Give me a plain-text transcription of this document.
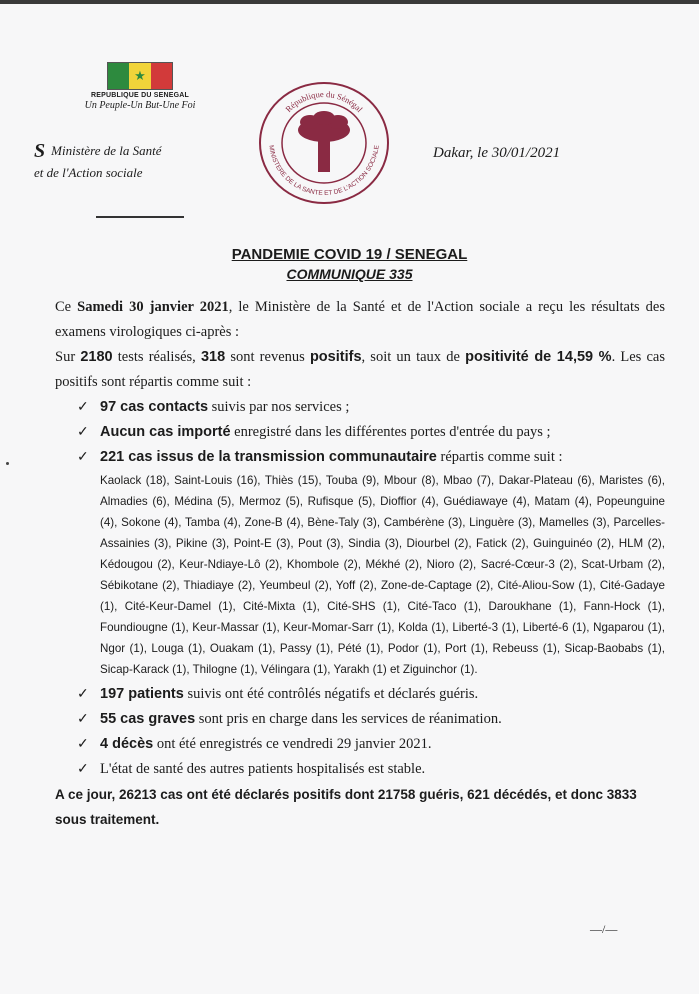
★
REPUBLIQUE DU SENEGAL
Un Peuple-Un But-Une Foi
S Ministère de la Santé
et de l'Action sociale
République du Sénégal
MINISTERE DE LA SANTE ET DE L'ACTION SOCIALE	Dakar, le 30/01/2021
PANDEMIE COVID 19 / SENEGAL
COMMUNIQUE 335

Ce Samedi 30 janvier 2021, le Ministère de la Santé et de l'Action sociale a reçu les résultats des examens virologiques ci-après :

Sur 2180 tests réalisés, 318 sont revenus positifs, soit un taux de positivité de 14,59 %. Les cas positifs sont répartis comme suit :

✓ 97 cas contacts suivis par nos services ;
✓ Aucun cas importé enregistré dans les différentes portes d'entrée du pays ;
✓ 221 cas issus de la transmission communautaire répartis comme suit :
Kaolack (18), Saint-Louis (16), Thiès (15), Touba (9), Mbour (8), Mbao (7), Dakar-Plateau (6), Maristes (6), Almadies (6), Médina (5), Mermoz (5), Rufisque (5), Dioffior (4), Guédiawaye (4), Matam (4), Popeunguine (4), Sokone (4), Tamba (4), Zone-B (4), Bène-Taly (3), Cambérène (3), Linguère (3), Mamelles (3), Parcelles-Assainies (3), Pikine (3), Point-E (3), Pout (3), Sindia (3), Diourbel (2), Fatick (2), Guinguinéo (2), HLM (2), Kédougou (2), Keur-Ndiaye-Lô (2), Khombole (2), Mékhé (2), Nioro (2), Sacré-Cœur-3 (2), Scat-Urbam (2), Sébikotane (2), Thiadiaye (2), Yeumbeul (2), Yoff (2), Zone-de-Captage (2), Cité-Aliou-Sow (1), Cité-Gadaye (1), Cité-Keur-Damel (1), Cité-Mixta (1), Cité-SHS (1), Cité-Taco (1), Daroukhane (1), Fann-Hock (1), Foundiougne (1), Keur-Massar (1), Keur-Momar-Sarr (1), Kolda (1), Liberté-3 (1), Liberté-6 (1), Ngaparou (1), Ngor (1), Louga (1), Ouakam (1), Passy (1), Pété (1), Podor (1), Port (1), Rebeuss (1), Sicap-Baobabs (1), Sicap-Karack (1), Thilogne (1), Vélingara (1), Yarakh (1) et Ziguinchor (1).
✓ 197 patients suivis ont été contrôlés négatifs et déclarés guéris.
✓ 55 cas graves sont pris en charge dans les services de réanimation.
✓ 4 décès ont été enregistrés ce vendredi 29 janvier 2021.
✓ L'état de santé des autres patients hospitalisés est stable.

A ce jour, 26213 cas ont été déclarés positifs dont 21758 guéris, 621 décédés, et donc 3833 sous traitement.

—/—
